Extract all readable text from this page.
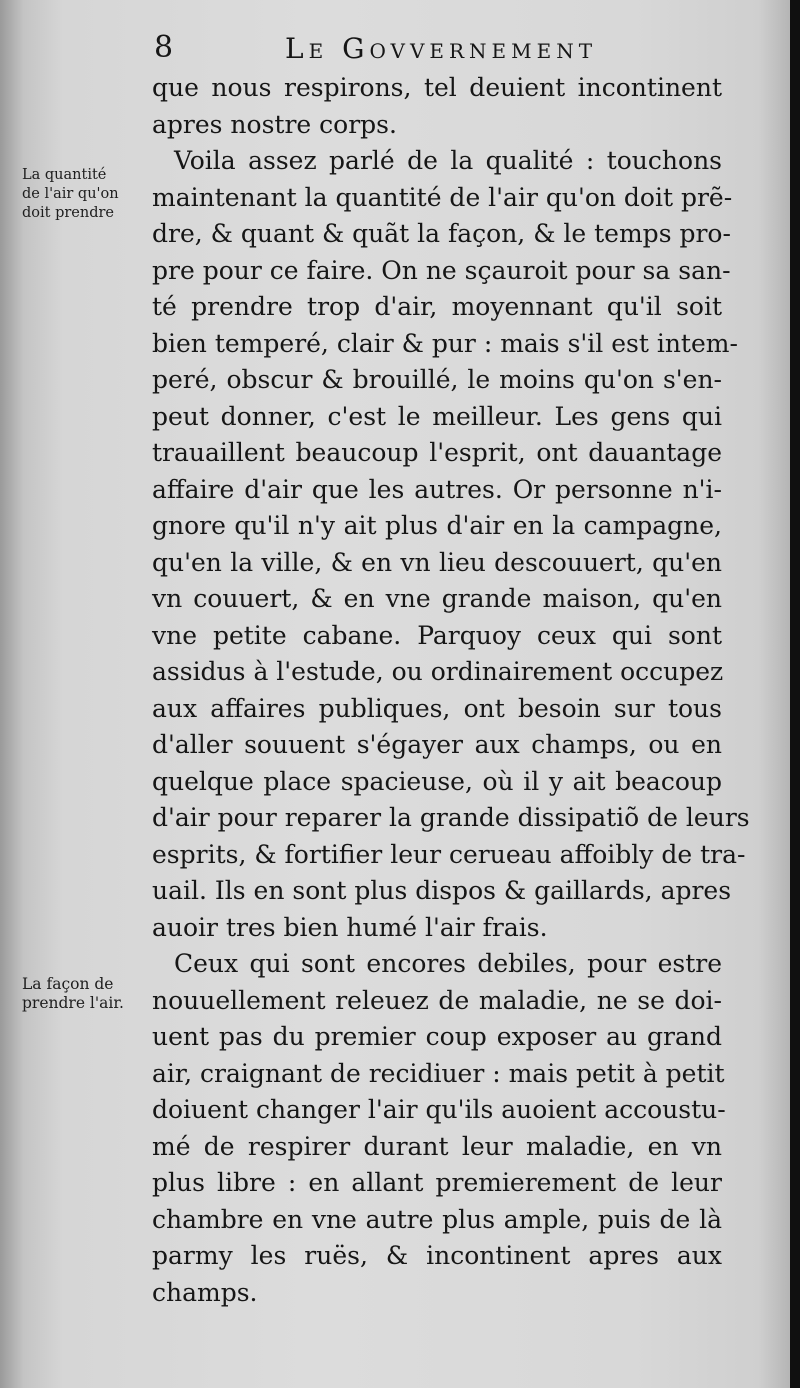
8	Le Govvernement
La quantité
de l'air qu'on
doit prendre
La façon de
prendre l'air.
que nous respirons, tel deuient incontinent
apres nostre corps.
Voila assez parlé de la qualité : touchons
maintenant la quantité de l'air qu'on doit prẽ-
dre, & quant & quãt la façon, & le temps pro-
pre pour ce faire. On ne sçauroit pour sa san-
té prendre trop d'air, moyennant qu'il soit
bien temperé, clair & pur : mais s'il est intem-
peré, obscur & brouillé, le moins qu'on s'en-
peut donner, c'est le meilleur. Les gens qui
trauaillent beaucoup l'esprit, ont dauantage
affaire d'air que les autres. Or personne n'i-
gnore qu'il n'y ait plus d'air en la campagne,
qu'en la ville, & en vn lieu descouuert, qu'en
vn couuert, & en vne grande maison, qu'en
vne petite cabane. Parquoy ceux qui sont
assidus à l'estude, ou ordinairement occupez
aux affaires publiques, ont besoin sur tous
d'aller souuent s'égayer aux champs, ou en
quelque place spacieuse, où il y ait beacoup
d'air pour reparer la grande dissipatiõ de leurs
esprits, & fortifier leur cerueau affoibly de tra-
uail. Ils en sont plus dispos & gaillards, apres
auoir tres bien humé l'air frais.
Ceux qui sont encores debiles, pour estre
nouuellement releuez de maladie, ne se doi-
uent pas du premier coup exposer au grand
air, craignant de recidiuer : mais petit à petit
doiuent changer l'air qu'ils auoient accoustu-
mé de respirer durant leur maladie, en vn
plus libre : en allant premierement de leur
chambre en vne autre plus ample, puis de là
parmy les ruës, & incontinent apres aux
champs.
